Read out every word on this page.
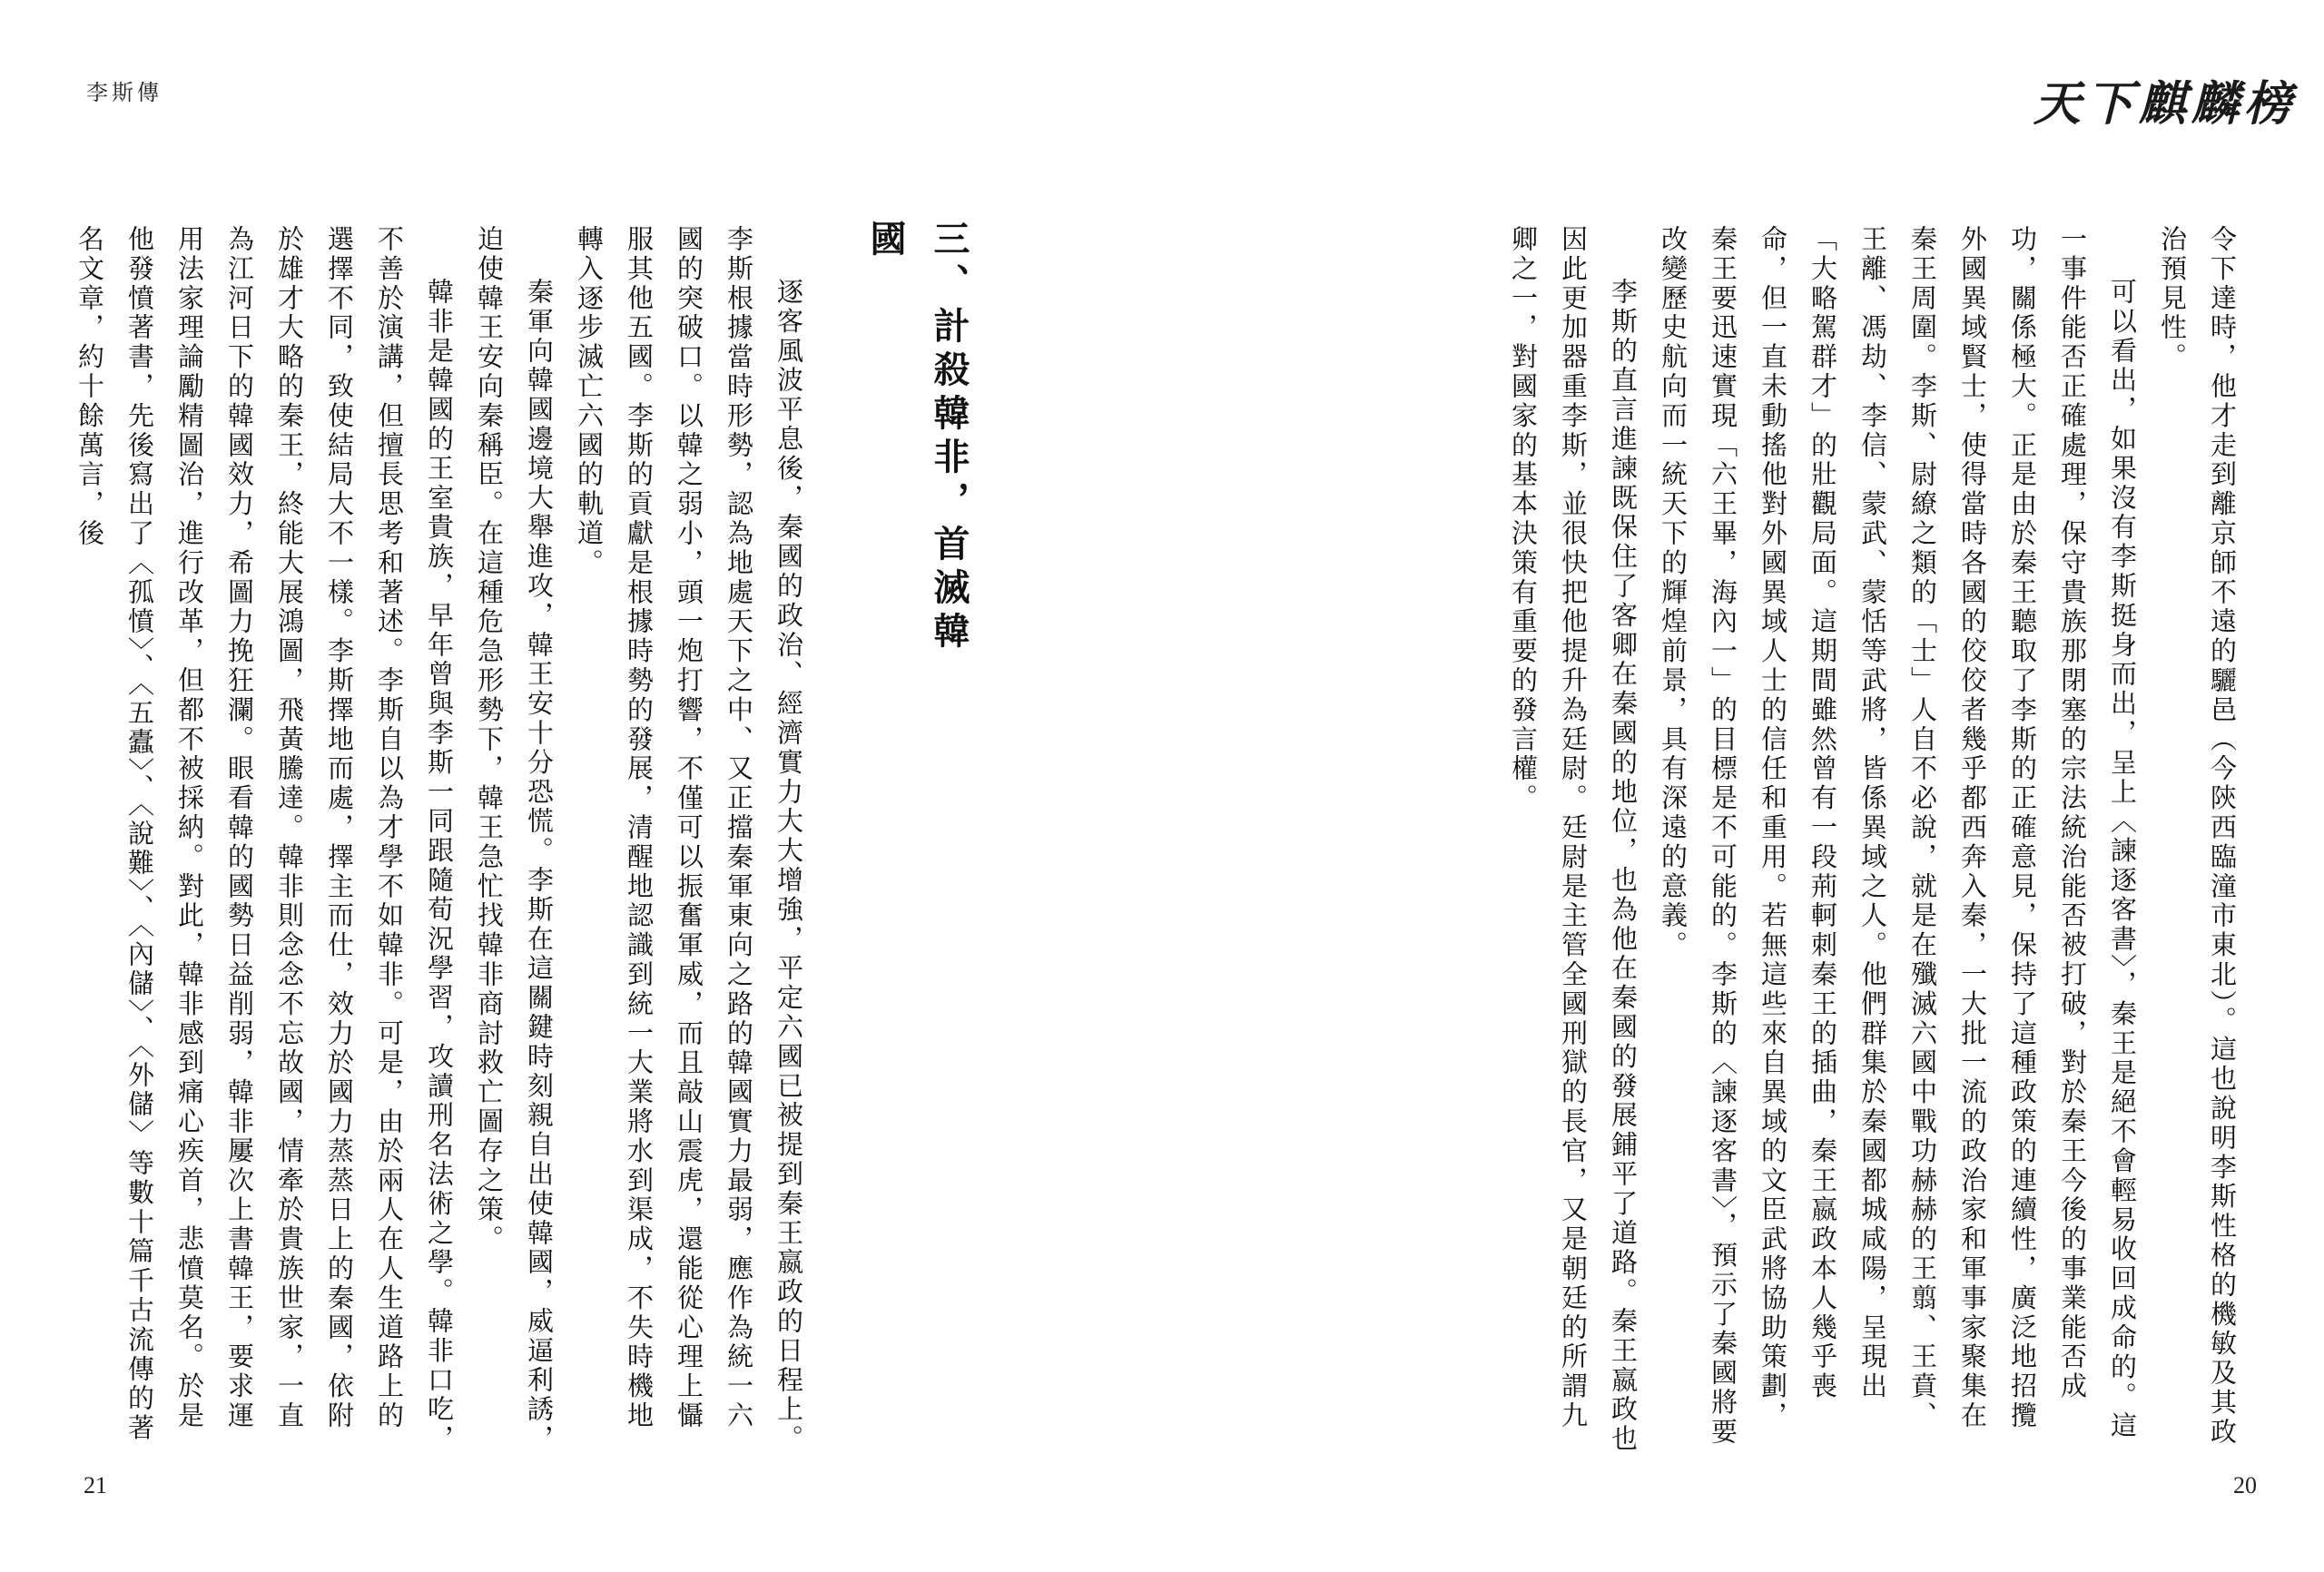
李斯傳	天下麒麟榜

令下達時，他才走到離京師不遠的驪邑（今陝西臨潼市東北）。這也說明李斯性格的機敏及其政治預見性。

可以看出，如果沒有李斯挺身而出，呈上〈諫逐客書〉，秦王是絕不會輕易收回成命的。這一事件能否正確處理，保守貴族那閉塞的宗法統治能否被打破，對於秦王今後的事業能否成功，關係極大。正是由於秦王聽取了李斯的正確意見，保持了這種政策的連續性，廣泛地招攬外國異域賢士，使得當時各國的佼佼者幾乎都西奔入秦，一大批一流的政治家和軍事家聚集在秦王周圍。李斯、尉繚之類的「士」人自不必說，就是在殲滅六國中戰功赫赫的王翦、王賁、王離、馮劫、李信、蒙武、蒙恬等武將，皆係異域之人。他們群集於秦國都城咸陽，呈現出「大略駕群才」的壯觀局面。這期間雖然曾有一段荊軻刺秦王的插曲，秦王嬴政本人幾乎喪命，但一直未動搖他對外國異域人士的信任和重用。若無這些來自異域的文臣武將協助策劃，秦王要迅速實現「六王畢，海內一」的目標是不可能的。李斯的〈諫逐客書〉，預示了秦國將要改變歷史航向而一統天下的輝煌前景，具有深遠的意義。

李斯的直言進諫既保住了客卿在秦國的地位，也為他在秦國的發展鋪平了道路。秦王嬴政也因此更加器重李斯，並很快把他提升為廷尉。廷尉是主管全國刑獄的長官，又是朝廷的所謂九卿之一，對國家的基本決策有重要的發言權。

三、計殺韓非，首滅韓國

逐客風波平息後，秦國的政治、經濟實力大大增強，平定六國已被提到秦王嬴政的日程上。李斯根據當時形勢，認為地處天下之中、又正擋秦軍東向之路的韓國實力最弱，應作為統一六國的突破口。以韓之弱小，頭一炮打響，不僅可以振奮軍威，而且敲山震虎，還能從心理上懾服其他五國。李斯的貢獻是根據時勢的發展，清醒地認識到統一大業將水到渠成，不失時機地轉入逐步滅亡六國的軌道。

秦軍向韓國邊境大舉進攻，韓王安十分恐慌。李斯在這關鍵時刻親自出使韓國，威逼利誘，迫使韓王安向秦稱臣。在這種危急形勢下，韓王急忙找韓非商討救亡圖存之策。

韓非是韓國的王室貴族，早年曾與李斯一同跟隨荀況學習，攻讀刑名法術之學。韓非口吃，不善於演講，但擅長思考和著述。李斯自以為才學不如韓非。可是，由於兩人在人生道路上的選擇不同，致使結局大不一樣。李斯擇地而處，擇主而仕，效力於國力蒸蒸日上的秦國，依附於雄才大略的秦王，終能大展鴻圖，飛黃騰達。韓非則念念不忘故國，情牽於貴族世家，一直為江河日下的韓國效力，希圖力挽狂瀾。眼看韓的國勢日益削弱，韓非屢次上書韓王，要求運用法家理論勵精圖治，進行改革，但都不被採納。對此，韓非感到痛心疾首，悲憤莫名。於是他發憤著書，先後寫出了〈孤憤〉、〈五蠹〉、〈說難〉、〈內儲〉、〈外儲〉等數十篇千古流傳的著名文章，約十餘萬言，後

21	20
